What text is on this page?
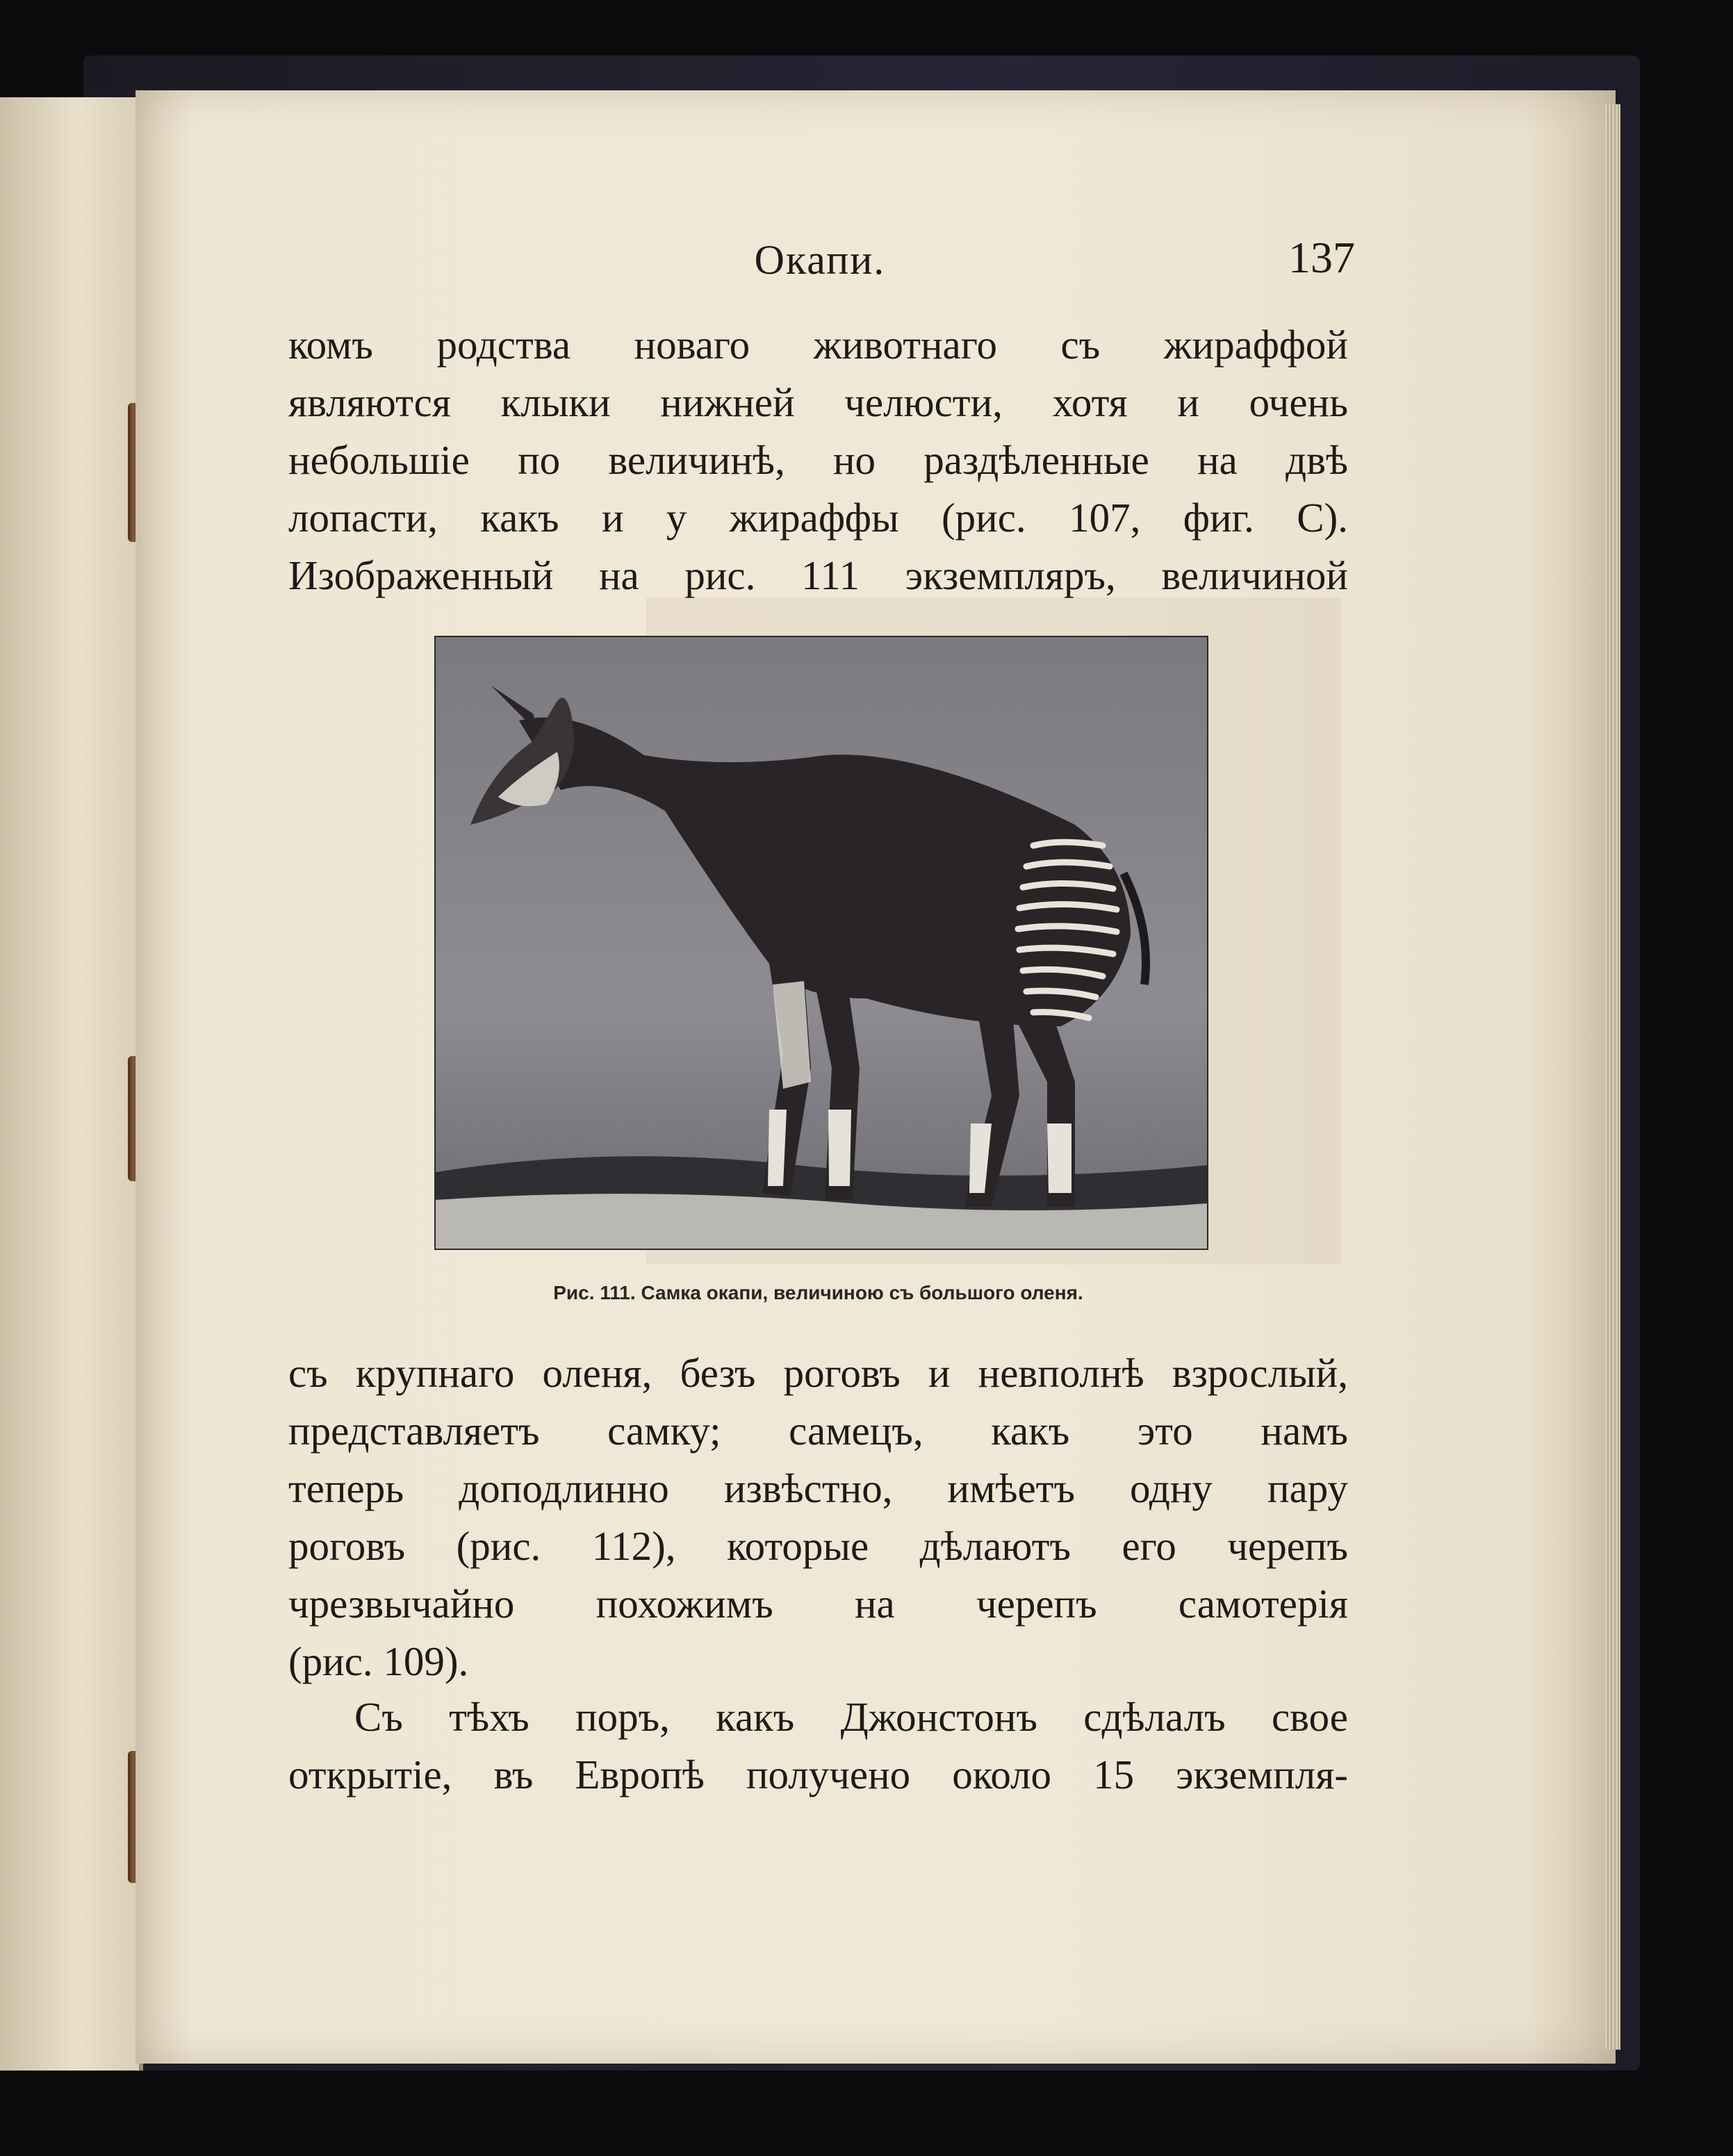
Окапи.	137
комъ родства новаго животнаго съ жираффой
являются клыки нижней челюсти, хотя и очень
небольшіе по величинѣ, но раздѣленные на двѣ
лопасти, какъ и у жираффы (рис. 107, фиг. С).
Изображенный на рис. 111 экземпляръ, величиной
Рис. 111. Самка окапи, величиною съ большого оленя.
съ крупнаго оленя, безъ роговъ и невполнѣ взрослый,
представляетъ самку; самецъ, какъ это намъ
теперь доподлинно извѣстно, имѣетъ одну пару
роговъ (рис. 112), которые дѣлаютъ его черепъ
чрезвычайно похожимъ на черепъ самотерія
(рис. 109).
Съ тѣхъ поръ, какъ Джонстонъ сдѣлалъ свое
открытіе, въ Европѣ получено около 15 экземпля-
